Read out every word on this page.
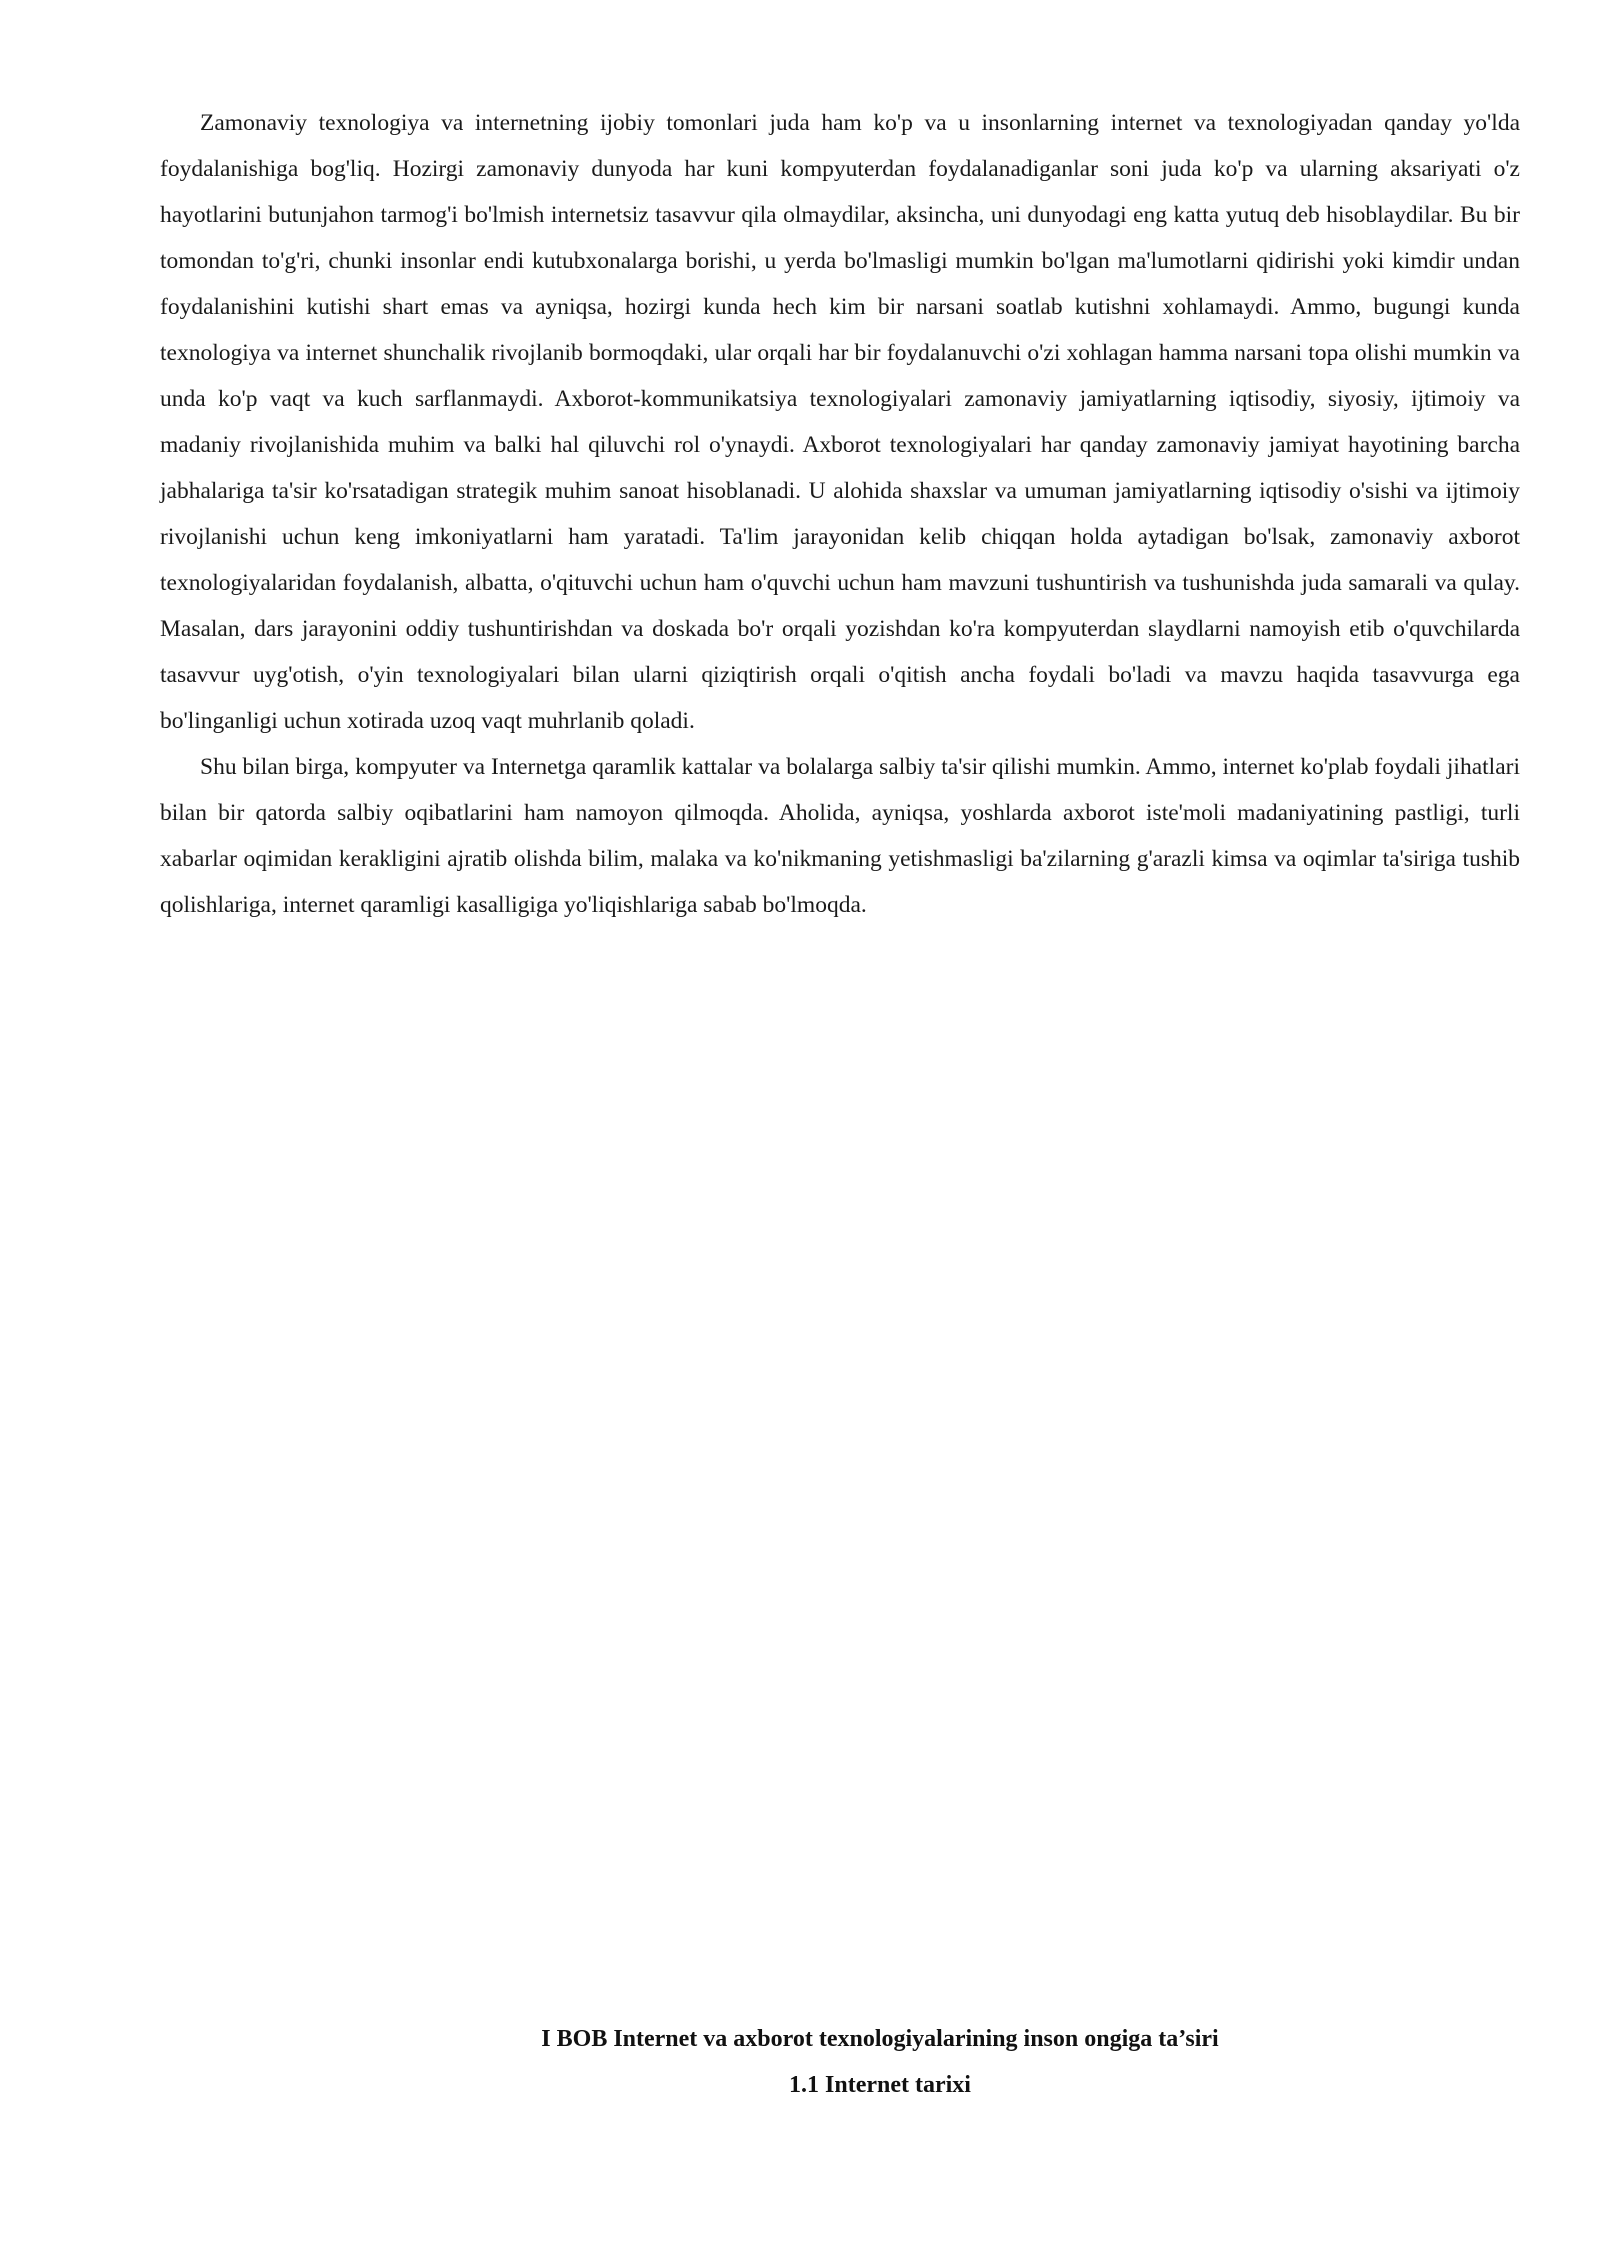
Zamonaviy texnologiya va internetning ijobiy tomonlari juda ham ko'p va u insonlarning internet va texnologiyadan qanday yo'lda foydalanishiga bog'liq. Hozirgi zamonaviy dunyoda har kuni kompyuterdan foydalanadiganlar soni juda ko'p va ularning aksariyati o'z hayotlarini butunjahon tarmog'i bo'lmish internetsiz tasavvur qila olmaydilar, aksincha, uni dunyodagi eng katta yutuq deb hisoblaydilar. Bu bir tomondan to'g'ri, chunki insonlar endi kutubxonalarga borishi, u yerda bo'lmasligi mumkin bo'lgan ma'lumotlarni qidirishi yoki kimdir undan foydalanishini kutishi shart emas va ayniqsa, hozirgi kunda hech kim bir narsani soatlab kutishni xohlamaydi. Ammo, bugungi kunda texnologiya va internet shunchalik rivojlanib bormoqdaki, ular orqali har bir foydalanuvchi o'zi xohlagan hamma narsani topa olishi mumkin va unda ko'p vaqt va kuch sarflanmaydi. Axborot-kommunikatsiya texnologiyalari zamonaviy jamiyatlarning iqtisodiy, siyosiy, ijtimoiy va madaniy rivojlanishida muhim va balki hal qiluvchi rol o'ynaydi. Axborot texnologiyalari har qanday zamonaviy jamiyat hayotining barcha jabhalariga ta'sir ko'rsatadigan strategik muhim sanoat hisoblanadi. U alohida shaxslar va umuman jamiyatlarning iqtisodiy o'sishi va ijtimoiy rivojlanishi uchun keng imkoniyatlarni ham yaratadi. Ta'lim jarayonidan kelib chiqqan holda aytadigan bo'lsak, zamonaviy axborot texnologiyalaridan foydalanish, albatta, o'qituvchi uchun ham o'quvchi uchun ham mavzuni tushuntirish va tushunishda juda samarali va qulay. Masalan, dars jarayonini oddiy tushuntirishdan va doskada bo'r orqali yozishdan ko'ra kompyuterdan slaydlarni namoyish etib o'quvchilarda tasavvur uyg'otish, o'yin texnologiyalari bilan ularni qiziqtirish orqali o'qitish ancha foydali bo'ladi va mavzu haqida tasavvurga ega bo'linganligi uchun xotirada uzoq vaqt muhrlanib qoladi.

Shu bilan birga, kompyuter va Internetga qaramlik kattalar va bolalarga salbiy ta'sir qilishi mumkin. Ammo, internet ko'plab foydali jihatlari bilan bir qatorda salbiy oqibatlarini ham namoyon qilmoqda. Aholida, ayniqsa, yoshlarda axborot iste'moli madaniyatining pastligi, turli xabarlar oqimidan kerakligini ajratib olishda bilim, malaka va ko'nikmaning yetishmasligi ba'zilarning g'arazli kimsa va oqimlar ta'siriga tushib qolishlariga, internet qaramligi kasalligiga yo'liqishlariga sabab bo'lmoqda.

I BOB Internet va axborot texnologiyalarining inson ongiga ta’siri
1.1 Internet tarixi
